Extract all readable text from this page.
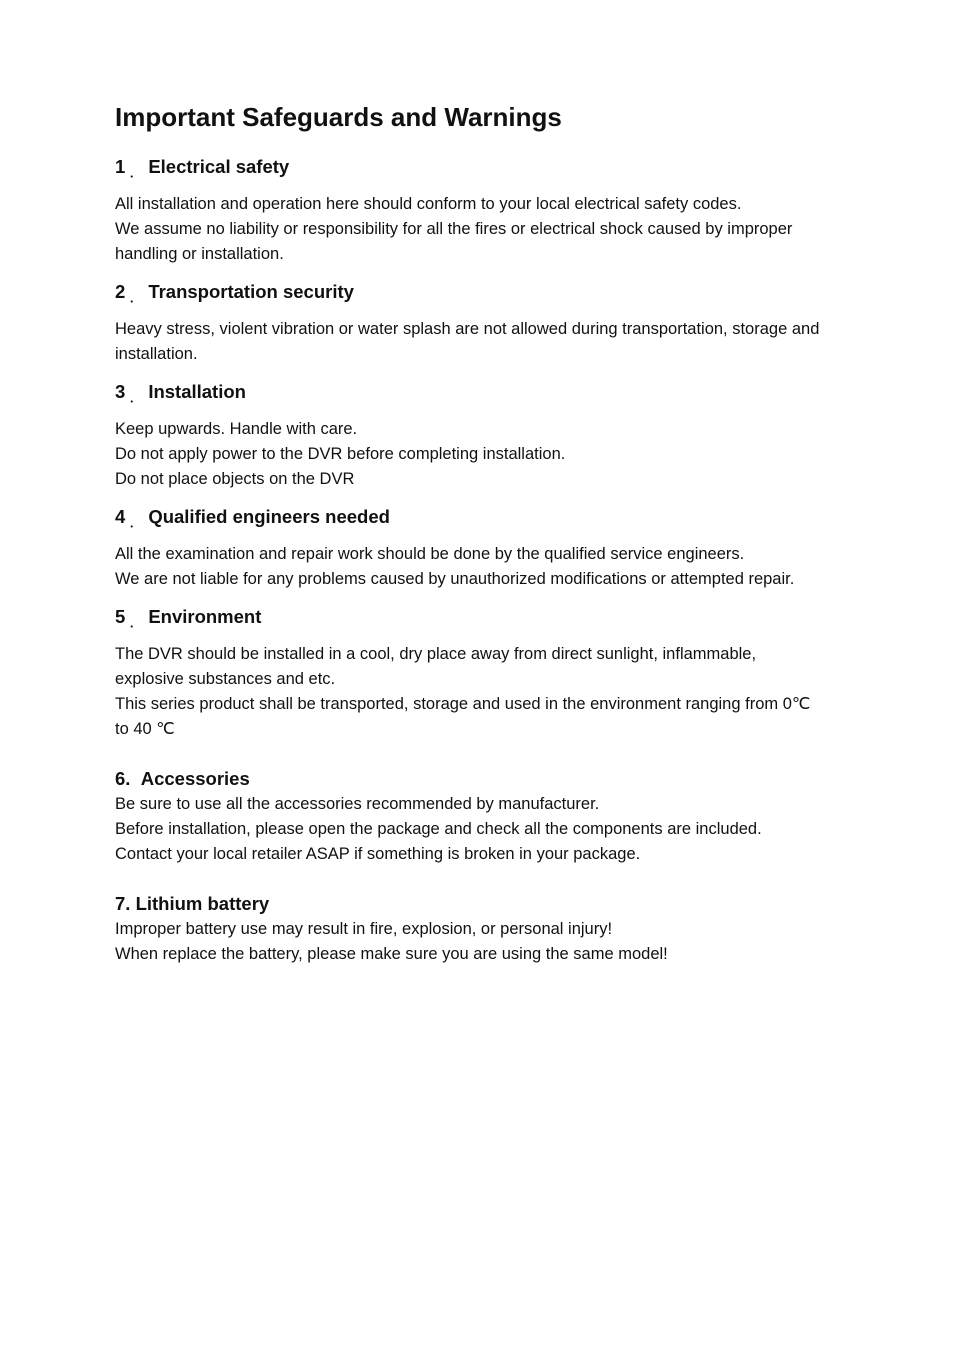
Important Safeguards and Warnings
1 ． Electrical safety
All installation and operation here should conform to your local electrical safety codes.
We assume no liability or responsibility for all the fires or electrical shock caused by improper
handling or installation.
2 ． Transportation security
Heavy stress, violent vibration or water splash are not allowed during transportation, storage and
installation.
3 ． Installation
Keep upwards. Handle with care.
Do not apply power to the DVR before completing installation.
Do not place objects on the DVR
4 ． Qualified engineers needed
All the examination and repair work should be done by the qualified service engineers.
We are not liable for any problems caused by unauthorized modifications or attempted repair.
5 ． Environment
The DVR should be installed in a cool, dry place away from direct sunlight, inflammable,
explosive substances and etc.
This series product shall be transported, storage and used in the environment ranging from 0℃
to 40 ℃
6. Accessories
Be sure to use all the accessories recommended by manufacturer.
Before installation, please open the package and check all the components are included.
Contact your local retailer ASAP if something is broken in your package.
7. Lithium battery
Improper battery use may result in fire, explosion, or personal injury!
When replace the battery, please make sure you are using the same model!
